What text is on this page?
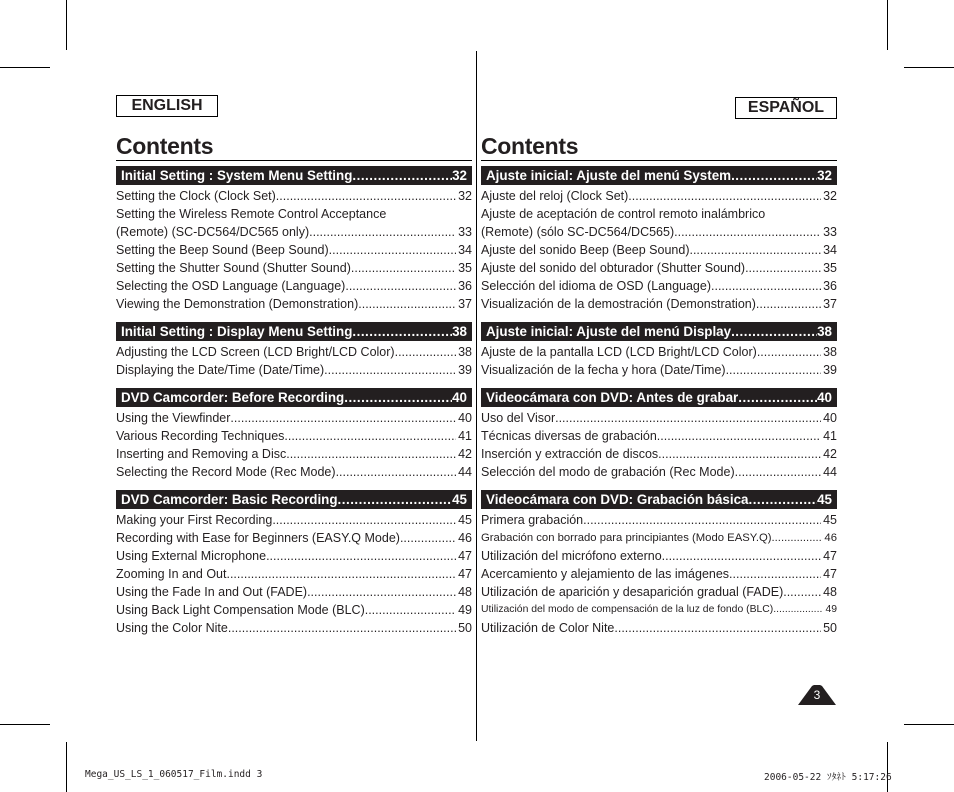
ENGLISH
Contents
Initial Setting : System Menu Setting .....	32
Setting the Clock (Clock Set) .....	32
Setting the Wireless Remote Control Acceptance
(Remote) (SC-DC564/DC565 only) .....	33
Setting the Beep Sound (Beep Sound) .....	34
Setting the Shutter Sound (Shutter Sound) .....	35
Selecting the OSD Language (Language) .....	36
Viewing the Demonstration (Demonstration) .....	37
Initial Setting : Display Menu Setting .....	38
Adjusting the LCD Screen (LCD Bright/LCD Color) .....	38
Displaying the Date/Time (Date/Time) .....	39
DVD Camcorder: Before Recording .....	40
Using the Viewfinder .....	40
Various Recording Techniques .....	41
Inserting and Removing a Disc .....	42
Selecting the Record Mode (Rec Mode) .....	44
DVD Camcorder: Basic Recording .....	45
Making your First Recording .....	45
Recording with Ease for Beginners (EASY.Q Mode) .....	46
Using External Microphone .....	47
Zooming In and Out .....	47
Using the Fade In and Out (FADE) .....	48
Using Back Light Compensation Mode (BLC) .....	49
Using the Color Nite .....	50
ESPAÑOL
Contents
Ajuste inicial: Ajuste del menú System .....	32
Ajuste del reloj (Clock Set) .....	32
Ajuste de aceptación de control remoto inalámbrico
(Remote) (sólo SC-DC564/DC565) .....	33
Ajuste del sonido Beep (Beep Sound) .....	34
Ajuste del sonido del obturador (Shutter Sound) .....	35
Selección del idioma de OSD (Language) .....	36
Visualización de la demostración (Demonstration) .....	37
Ajuste inicial: Ajuste del menú Display .....	38
Ajuste de la pantalla LCD (LCD Bright/LCD Color) .....	38
Visualización de la fecha y hora (Date/Time) .....	39
Videocámara con DVD: Antes de grabar .....	40
Uso del Visor .....	40
Técnicas diversas de grabación .....	41
Inserción y extracción de discos .....	42
Selección del modo de grabación (Rec Mode) .....	44
Videocámara con DVD: Grabación básica .....	45
Primera grabación .....	45
Grabación con borrado para principiantes (Modo EASY.Q) .....	46
Utilización del micrófono externo .....	47
Acercamiento y alejamiento de las imágenes .....	47
Utilización de aparición y desaparición gradual (FADE) .....	48
Utilización del modo de compensación de la luz de fondo (BLC) .....	49
Utilización de Color Nite .....	50
3
Mega_US_LS_1_060517_Film.indd 3	2006-05-22 ｿﾀﾈﾄ 5:17:26
